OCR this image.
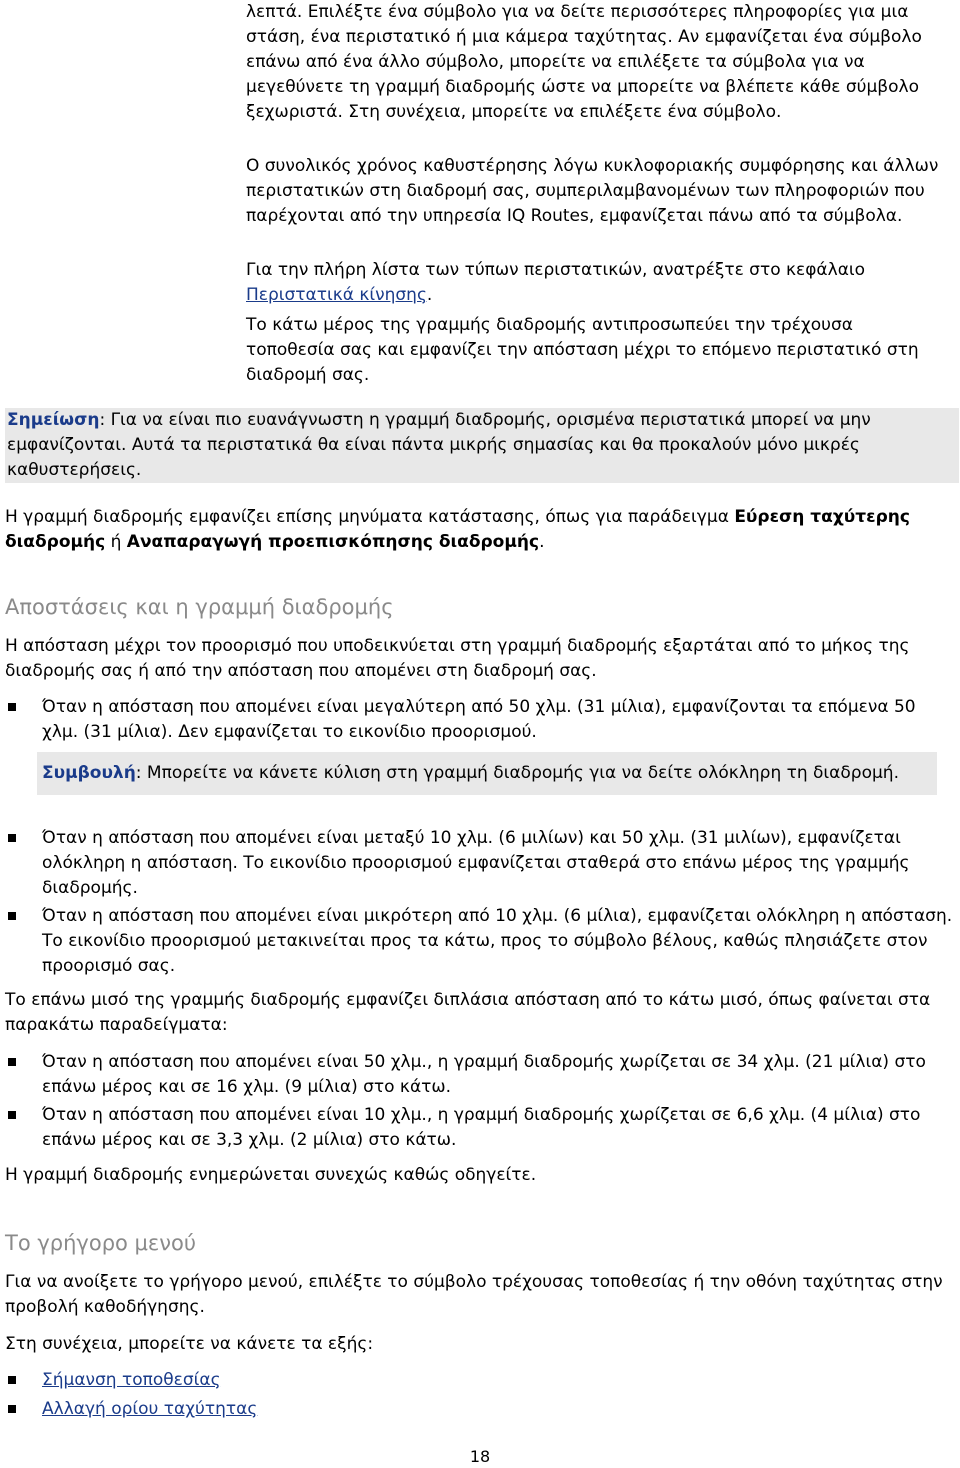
λεπτά. Επιλέξτε ένα σύμβολο για να δείτε περισσότερες πληροφορίες για μια στάση, ένα περιστατικό ή μια κάμερα ταχύτητας. Αν εμφανίζεται ένα σύμβολο επάνω από ένα άλλο σύμβολο, μπορείτε να επιλέξετε τα σύμβολα για να μεγεθύνετε τη γραμμή διαδρομής ώστε να μπορείτε να βλέπετε κάθε σύμβολο ξεχωριστά. Στη συνέχεια, μπορείτε να επιλέξετε ένα σύμβολο.

Ο συνολικός χρόνος καθυστέρησης λόγω κυκλοφοριακής συμφόρησης και άλλων περιστατικών στη διαδρομή σας, συμπεριλαμβανομένων των πληροφοριών που παρέχονται από την υπηρεσία IQ Routes, εμφανίζεται πάνω από τα σύμβολα.

Για την πλήρη λίστα των τύπων περιστατικών, ανατρέξτε στο κεφάλαιο Περιστατικά κίνησης.

Το κάτω μέρος της γραμμής διαδρομής αντιπροσωπεύει την τρέχουσα τοποθεσία σας και εμφανίζει την απόσταση μέχρι το επόμενο περιστατικό στη διαδρομή σας.

Σημείωση: Για να είναι πιο ευανάγνωστη η γραμμή διαδρομής, ορισμένα περιστατικά μπορεί να μην εμφανίζονται. Αυτά τα περιστατικά θα είναι πάντα μικρής σημασίας και θα προκαλούν μόνο μικρές καθυστερήσεις.

Η γραμμή διαδρομής εμφανίζει επίσης μηνύματα κατάστασης, όπως για παράδειγμα Εύρεση ταχύτερης διαδρομής ή Αναπαραγωγή προεπισκόπησης διαδρομής.

Αποστάσεις και η γραμμή διαδρομής

Η απόσταση μέχρι τον προορισμό που υποδεικνύεται στη γραμμή διαδρομής εξαρτάται από το μήκος της διαδρομής σας ή από την απόσταση που απομένει στη διαδρομή σας.

Όταν η απόσταση που απομένει είναι μεγαλύτερη από 50 χλμ. (31 μίλια), εμφανίζονται τα επόμενα 50 χλμ. (31 μίλια). Δεν εμφανίζεται το εικονίδιο προορισμού.
Συμβουλή: Μπορείτε να κάνετε κύλιση στη γραμμή διαδρομής για να δείτε ολόκληρη τη διαδρομή.
Όταν η απόσταση που απομένει είναι μεταξύ 10 χλμ. (6 μιλίων) και 50 χλμ. (31 μιλίων), εμφανίζεται ολόκληρη η απόσταση. Το εικονίδιο προορισμού εμφανίζεται σταθερά στο επάνω μέρος της γραμμής διαδρομής.
Όταν η απόσταση που απομένει είναι μικρότερη από 10 χλμ. (6 μίλια), εμφανίζεται ολόκληρη η απόσταση. Το εικονίδιο προορισμού μετακινείται προς τα κάτω, προς το σύμβολο βέλους, καθώς πλησιάζετε στον προορισμό σας.

Το επάνω μισό της γραμμής διαδρομής εμφανίζει διπλάσια απόσταση από το κάτω μισό, όπως φαίνεται στα παρακάτω παραδείγματα:

Όταν η απόσταση που απομένει είναι 50 χλμ., η γραμμή διαδρομής χωρίζεται σε 34 χλμ. (21 μίλια) στο επάνω μέρος και σε 16 χλμ. (9 μίλια) στο κάτω.
Όταν η απόσταση που απομένει είναι 10 χλμ., η γραμμή διαδρομής χωρίζεται σε 6,6 χλμ. (4 μίλια) στο επάνω μέρος και σε 3,3 χλμ. (2 μίλια) στο κάτω.

Η γραμμή διαδρομής ενημερώνεται συνεχώς καθώς οδηγείτε.

Το γρήγορο μενού

Για να ανοίξετε το γρήγορο μενού, επιλέξτε το σύμβολο τρέχουσας τοποθεσίας ή την οθόνη ταχύτητας στην προβολή καθοδήγησης.

Στη συνέχεια, μπορείτε να κάνετε τα εξής:

Σήμανση τοποθεσίας
Αλλαγή ορίου ταχύτητας
18
